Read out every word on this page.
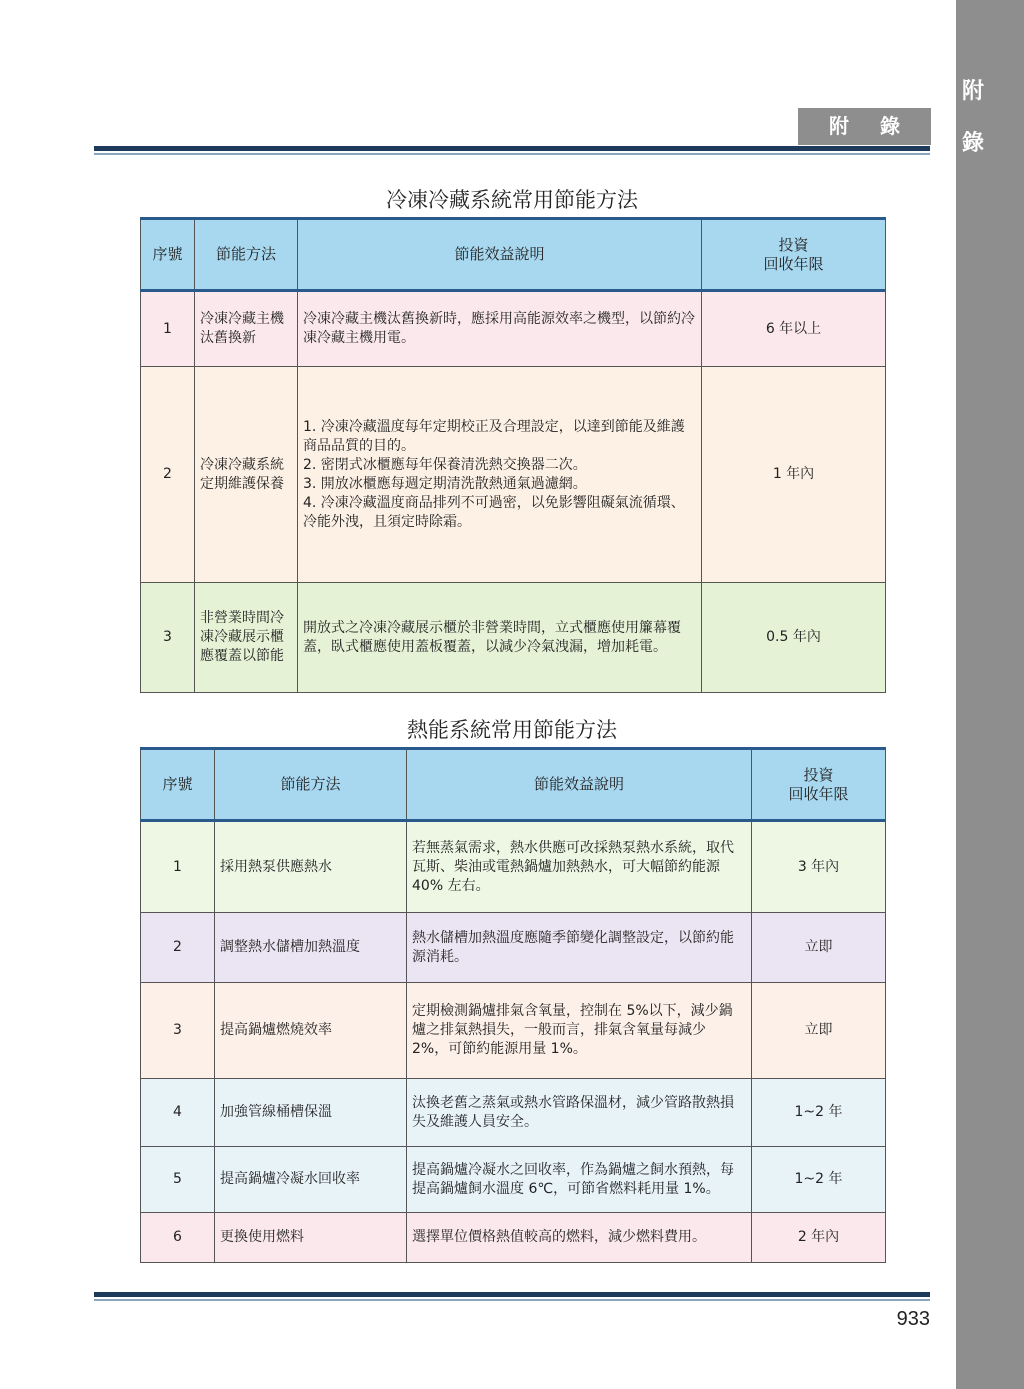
附錄
附 錄
冷凍冷藏系統常用節能方法
序號	節能方法	節能效益說明	投資
回收年限

1	冷凍冷藏主機汰舊換新	冷凍冷藏主機汰舊換新時，應採用高能源效率之機型，以節約冷凍冷藏主機用電。	6 年以上
2	冷凍冷藏系統定期維護保養	1. 冷凍冷藏溫度每年定期校正及合理設定，以達到節能及維護商品品質的目的。
2. 密閉式冰櫃應每年保養清洗熱交換器二次。
3. 開放冰櫃應每週定期清洗散熱通氣過濾網。
4. 冷凍冷藏溫度商品排列不可過密，以免影響阻礙氣流循環、冷能外洩，且須定時除霜。	1 年內
3	非營業時間冷凍冷藏展示櫃應覆蓋以節能	開放式之冷凍冷藏展示櫃於非營業時間，立式櫃應使用簾幕覆蓋，臥式櫃應使用蓋板覆蓋，以減少冷氣洩漏，增加耗電。	0.5 年內
熱能系統常用節能方法
序號	節能方法	節能效益說明	投資
回收年限

1	採用熱泵供應熱水	若無蒸氣需求，熱水供應可改採熱泵熱水系統，取代瓦斯、柴油或電熱鍋爐加熱熱水，可大幅節約能源 40% 左右。	3 年內
2	調整熱水儲槽加熱溫度	熱水儲槽加熱溫度應隨季節變化調整設定，以節約能源消耗。	立即
3	提高鍋爐燃燒效率	定期檢測鍋爐排氣含氧量，控制在 5%以下，減少鍋爐之排氣熱損失，一般而言，排氣含氧量每減少 2%，可節約能源用量 1%。	立即
4	加強管線桶槽保溫	汰換老舊之蒸氣或熱水管路保溫材，減少管路散熱損失及維護人員安全。	1~2 年
5	提高鍋爐冷凝水回收率	提高鍋爐冷凝水之回收率，作為鍋爐之飼水預熱，每提高鍋爐飼水溫度 6℃，可節省燃料耗用量 1%。	1~2 年
6	更換使用燃料	選擇單位價格熱值較高的燃料，減少燃料費用。	2 年內
933
